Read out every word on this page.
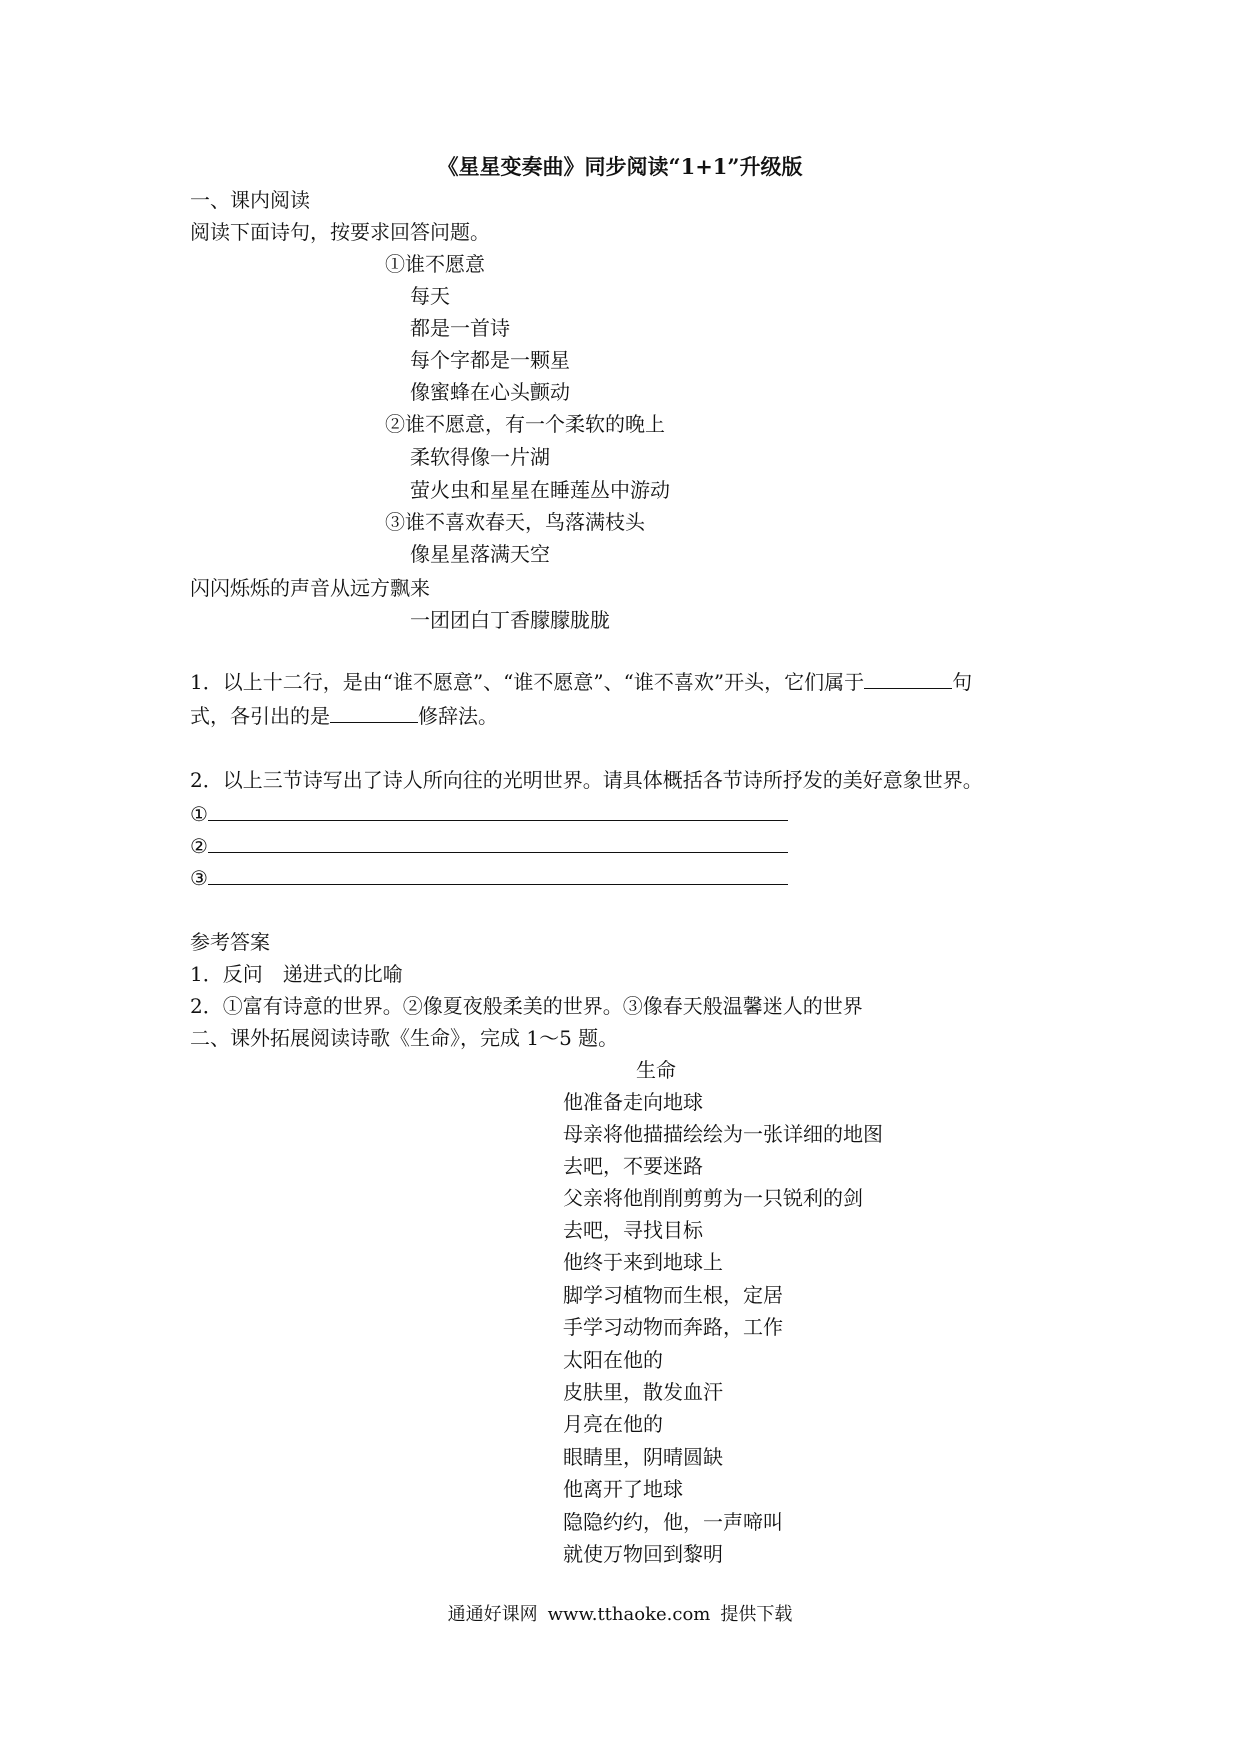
《星星变奏曲》同步阅读“1+1”升级版
一、课内阅读
阅读下面诗句，按要求回答问题。
①谁不愿意
每天
都是一首诗
每个字都是一颗星
像蜜蜂在心头颤动
②谁不愿意，有一个柔软的晚上
柔软得像一片湖
萤火虫和星星在睡莲丛中游动
③谁不喜欢春天，鸟落满枝头
像星星落满天空
闪闪烁烁的声音从远方飘来
一团团白丁香朦朦胧胧
1．以上十二行，是由“谁不愿意”、“谁不愿意”、“谁不喜欢”开头，它们属于	句
式，各引出的是	修辞法。
2．以上三节诗写出了诗人所向往的光明世界。请具体概括各节诗所抒发的美好意象世界。
①
②
③
参考答案
1．反问　递进式的比喻
2．①富有诗意的世界。②像夏夜般柔美的世界。③像春天般温馨迷人的世界
二、课外拓展阅读诗歌《生命》，完成 1～5 题。
生命
他准备走向地球
母亲将他描描绘绘为一张详细的地图
去吧，不要迷路
父亲将他削削剪剪为一只锐利的剑
去吧，寻找目标
他终于来到地球上
脚学习植物而生根，定居
手学习动物而奔路，工作
太阳在他的
皮肤里，散发血汗
月亮在他的
眼睛里，阴晴圆缺
他离开了地球
隐隐约约，他，一声啼叫
就使万物回到黎明
通通好课网 www.tthaoke.com 提供下载
